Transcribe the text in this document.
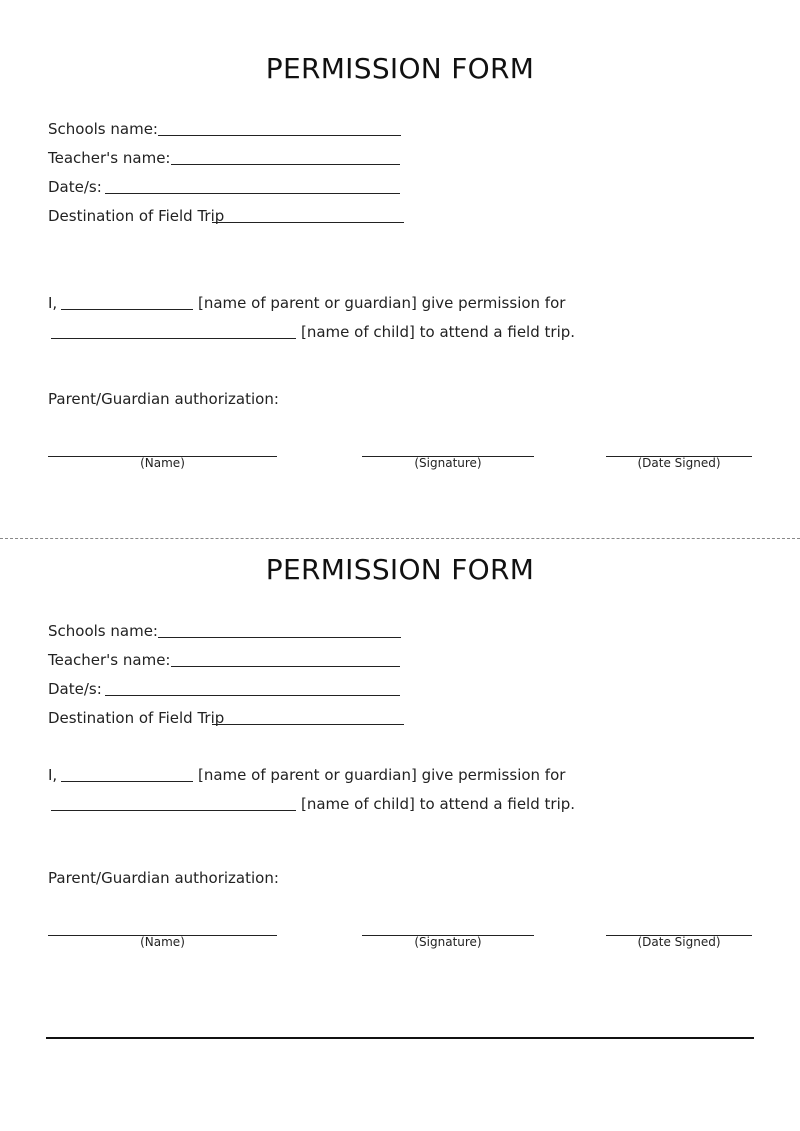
PERMISSION FORM
Schools name:
Teacher's name:
Date/s:
Destination of Field Trip
I,	[name of parent or guardian] give permission for
[name of child] to attend a field trip.
Parent/Guardian authorization:
(Name)	(Signature)	(Date Signed)
PERMISSION FORM
Schools name:
Teacher's name:
Date/s:
Destination of Field Trip
I,	[name of parent or guardian] give permission for
[name of child] to attend a field trip.
Parent/Guardian authorization:
(Name)	(Signature)	(Date Signed)
